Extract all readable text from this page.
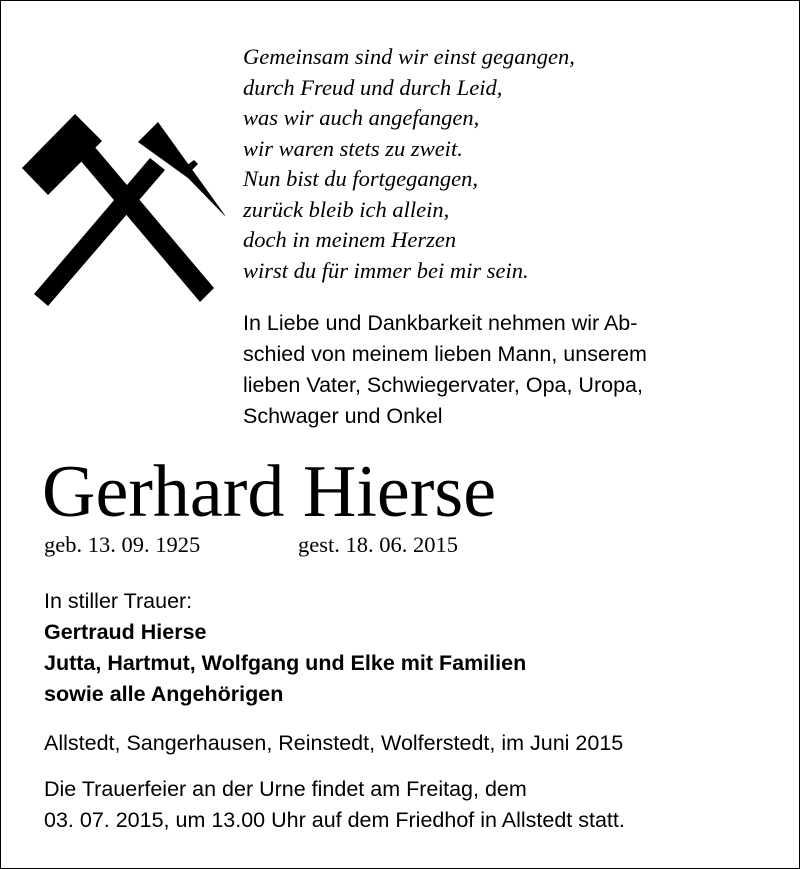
Gemeinsam sind wir einst gegangen,
durch Freud und durch Leid,
was wir auch angefangen,
wir waren stets zu zweit.
Nun bist du fortgegangen,
zurück bleib ich allein,
doch in meinem Herzen
wirst du für immer bei mir sein.
In Liebe und Dankbarkeit nehmen wir Ab-
schied von meinem lieben Mann, unserem
lieben Vater, Schwiegervater, Opa, Uropa,
Schwager und Onkel
Gerhard Hierse
geb. 13. 09. 1925	gest. 18. 06. 2015
In stiller Trauer:
Gertraud Hierse
Jutta, Hartmut, Wolfgang und Elke mit Familien
sowie alle Angehörigen
Allstedt, Sangerhausen, Reinstedt, Wolferstedt, im Juni 2015
Die Trauerfeier an der Urne findet am Freitag, dem
03. 07. 2015, um 13.00 Uhr auf dem Friedhof in Allstedt statt.
